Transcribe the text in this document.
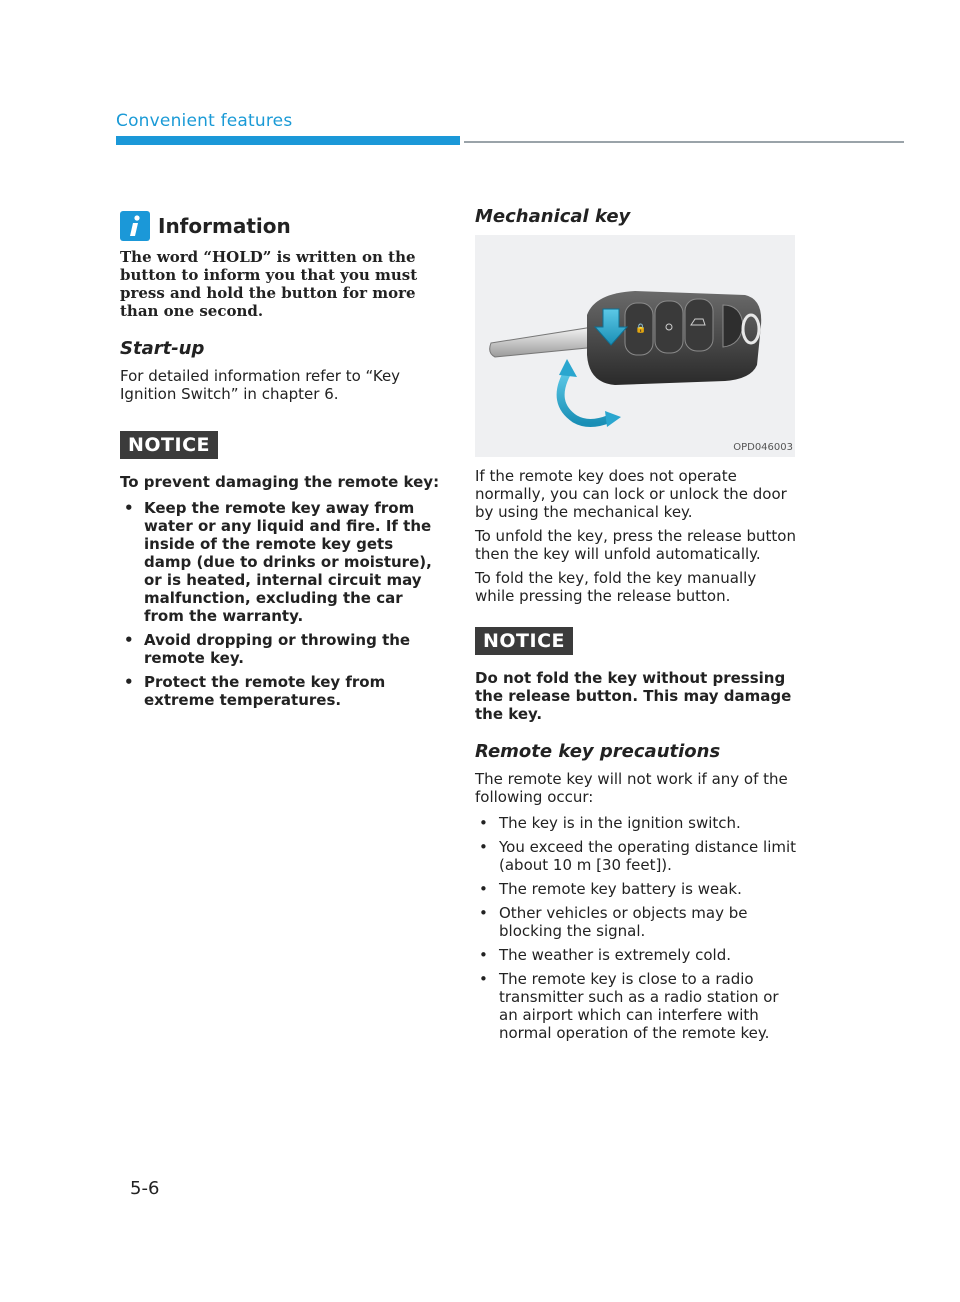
Convenient features
Information

The word “HOLD” is written on the button to inform you that you must press and hold the button for more than one second.

Start-up

For detailed information refer to “Key Ignition Switch” in chapter 6.

NOTICE

To prevent damaging the remote key:

• Keep the remote key away from water or any liquid and fire. If the inside of the remote key gets damp (due to drinks or moisture), or is heated, internal circuit may malfunction, excluding the car from the warranty.
• Avoid dropping or throwing the remote key.
• Protect the remote key from extreme temperatures.
Mechanical key
🔒
OPD046003

If the remote key does not operate normally, you can lock or unlock the door by using the mechanical key.

To unfold the key, press the release button then the key will unfold automatically.

To fold the key, fold the key manually while pressing the release button.

NOTICE

Do not fold the key without pressing the release button. This may damage the key.

Remote key precautions

The remote key will not work if any of the following occur:

• The key is in the ignition switch.
• You exceed the operating distance limit (about 10 m [30 feet]).
• The remote key battery is weak.
• Other vehicles or objects may be blocking the signal.
• The weather is extremely cold.
• The remote key is close to a radio transmitter such as a radio station or an airport which can interfere with normal operation of the remote key.
5-6
